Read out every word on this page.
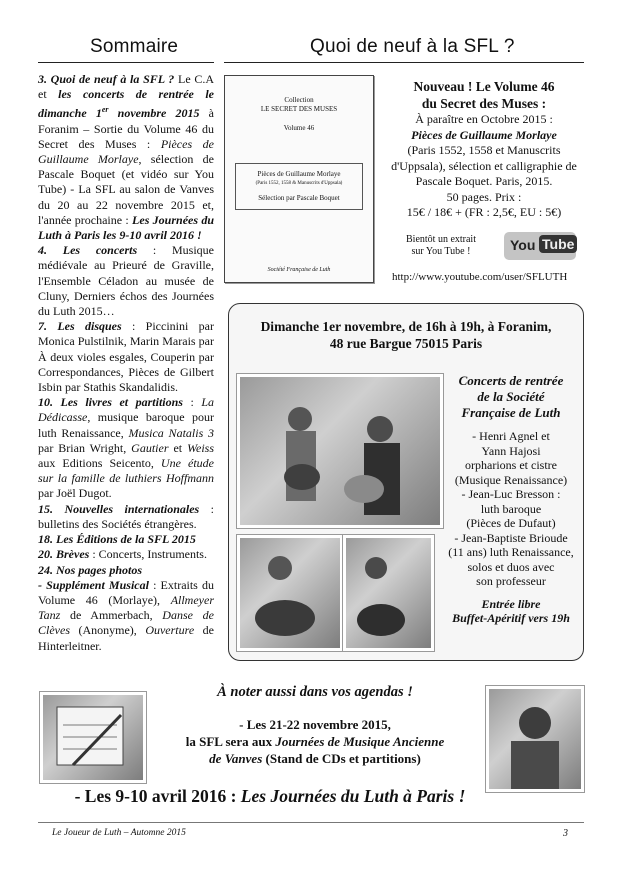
Sommaire	Quoi de neuf à la SFL ?

3. Quoi de neuf à la SFL ? Le C.A et les concerts de rentrée le dimanche 1er novembre 2015 à Foranim – Sortie du Volume 46 du Secret des Muses : Pièces de Guillaume Morlaye, sélection de Pascale Boquet (et vidéo sur You Tube) - La SFL au salon de Vanves du 20 au 22 novembre 2015 et, l'année prochaine : Les Journées du Luth à Paris les 9-10 avril 2016 !

4. Les concerts : Musique médiévale au Prieuré de Graville, l'Ensemble Céladon au musée de Cluny, Derniers échos des Journées du Luth 2015…

7. Les disques : Piccinini par Monica Pulstilnik, Marin Marais par À deux violes esgales, Couperin par Correspondances, Pièces de Gilbert Isbin par Stathis Skandalidis.

10. Les livres et partitions : La Dédicasse, musique baroque pour luth Renaissance, Musica Natalis 3 par Brian Wright, Gautier et Weiss aux Editions Seicento, Une étude sur la famille de luthiers Hoffmann par Joël Dugot.

15. Nouvelles internationales : bulletins des Sociétés étrangères.

18. Les Éditions de la SFL 2015

20. Brèves : Concerts, Instruments.

24. Nos pages photos

- Supplément Musical : Extraits du Volume 46 (Morlaye), Allmeyer Tanz de Ammerbach, Danse de Clèves (Anonyme), Ouverture de Hinterleitner.

Collection
LE SECRET DES MUSES
Volume 46
Pièces de Guillaume Morlaye
(Paris 1552, 1558 & Manuscrits d'Uppsala)
Sélection par Pascale Boquet
Société Française de Luth
Nouveau ! Le Volume 46
du Secret des Muses :
À paraître en Octobre 2015 :
Pièces de Guillaume Morlaye
(Paris 1552, 1558 et Manuscrits d'Uppsala), sélection et calligraphie de Pascale Boquet. Paris, 2015.
50 pages. Prix :
15€ / 18€ + (FR : 2,5€, EU : 5€)
Bientôt un extrait
sur You Tube !	You Tube
http://www.youtube.com/user/SFLUTH
Dimanche 1er novembre, de 16h à 19h, à Foranim,
48 rue Bargue 75015 Paris
Concerts de rentrée
de la Société
Française de Luth
- Henri Agnel et
Yann Hajosi
orpharions et cistre
(Musique Renaissance)
- Jean-Luc Bresson :
luth baroque
(Pièces de Dufaut)
- Jean-Baptiste Brioude
(11 ans) luth Renaissance,
solos et duos avec
son professeur
Entrée libre
Buffet-Apéritif vers 19h
À noter aussi dans vos agendas !
- Les 21-22 novembre 2015,
la SFL sera aux Journées de Musique Ancienne
de Vanves (Stand de CDs et partitions)
- Les 9-10 avril 2016 : Les Journées du Luth à Paris !
Le Joueur de Luth – Automne 2015	3
